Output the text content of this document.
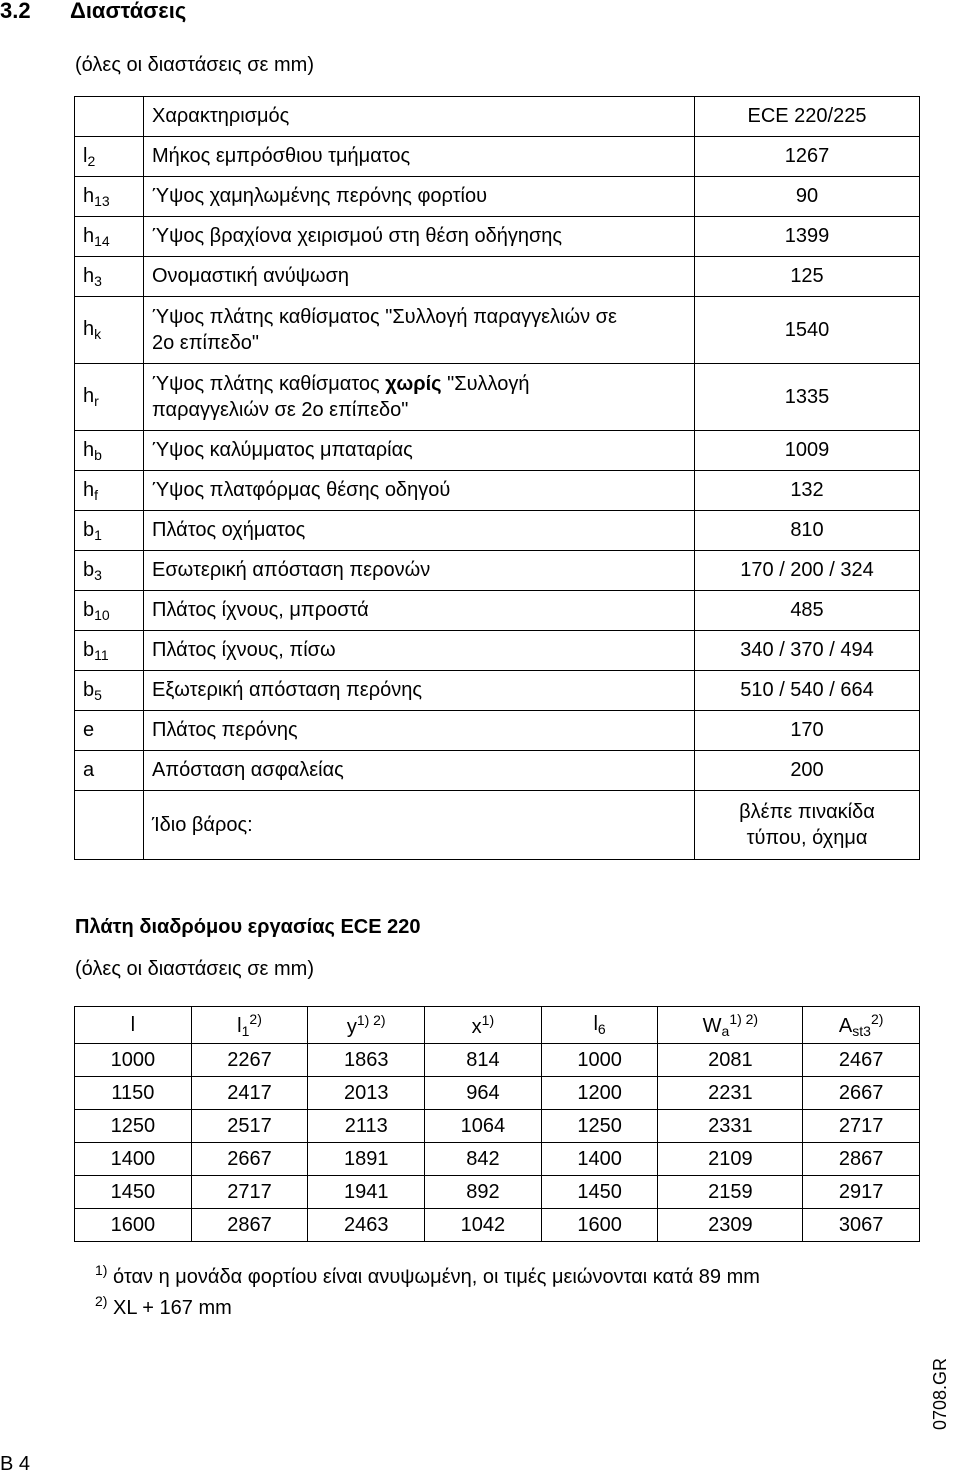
3.2 Διαστάσεις
(όλες οι διαστάσεις σε mm)
	Χαρακτηρισμός	ECE 220/225
$l_2$	Μήκος εμπρόσθιου τμήματος	1267
$h_{13}$	Ύψος χαμηλωμένης περόνης φορτίου	90
$h_{14}$	Ύψος βραχίονα χειρισμού στη θέση οδήγησης	1399
$h_3$	Ονομαστική ανύψωση	125
$h_k$	Ύψος πλάτης καθίσματος "Συλλογή παραγγελιών σε
2ο επίπεδο"	1540
$h_r$	Ύψος πλάτης καθίσματος χωρίς "Συλλογή
παραγγελιών σε 2ο επίπεδο"	1335
$h_b$	Ύψος καλύμματος μπαταρίας	1009
$h_f$	Ύψος πλατφόρμας θέσης οδηγού	132
$b_1$	Πλάτος οχήματος	810
$b_3$	Εσωτερική απόσταση περονών	170 / 200 / 324
$b_{10}$	Πλάτος ίχνους, μπροστά	485
$b_{11}$	Πλάτος ίχνους, πίσω	340 / 370 / 494
$b_5$	Εξωτερική απόσταση περόνης	510 / 540 / 664
e	Πλάτος περόνης	170
a	Απόσταση ασφαλείας	200
	Ίδιο βάρος:	βλέπε πινακίδα
τύπου, όχημα
Πλάτη διαδρόμου εργασίας ECE 220
(όλες οι διαστάσεις σε mm)
l	$l_1^{2)}$	$y^{1) 2)}$	$x^{1)}$	$l_6$	$W_a^{1) 2)}$	$A_{st3}^{2)}$
1000	2267	1863	814	1000	2081	2467
1150	2417	2013	964	1200	2231	2667
1250	2517	2113	1064	1250	2331	2717
1400	2667	1891	842	1400	2109	2867
1450	2717	1941	892	1450	2159	2917
1600	2867	2463	1042	1600	2309	3067
$^{1)}$ όταν η μονάδα φορτίου είναι ανυψωμένη, οι τιμές μειώνονται κατά 89 mm
$^{2)}$ XL + 167 mm
0708.GR
B 4
